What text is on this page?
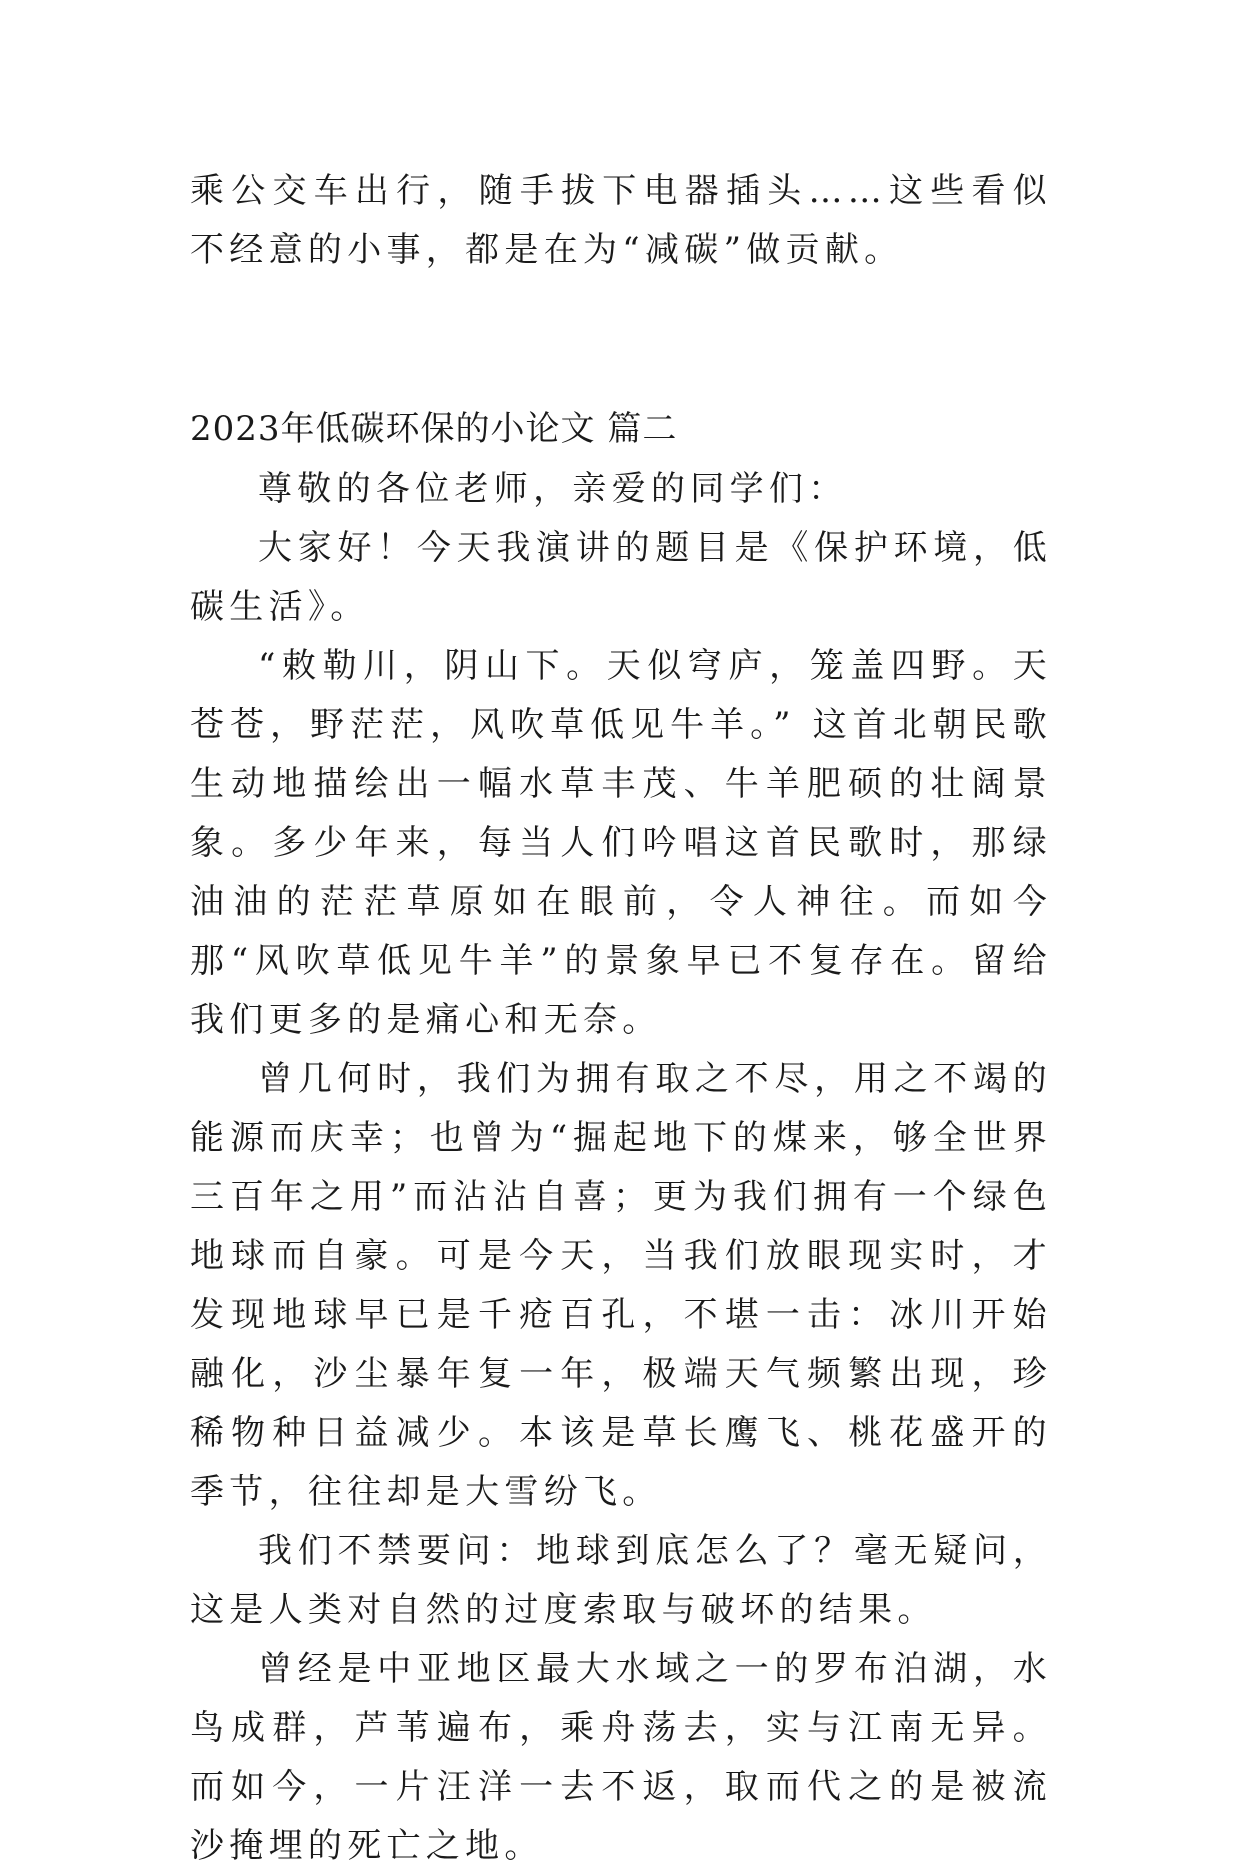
乘公交车出行，随手拔下电器插头……这些看似不经意的小事，都是在为“减碳”做贡献。

2023年低碳环保的小论文 篇二

尊敬的各位老师，亲爱的同学们：

大家好！今天我演讲的题目是《保护环境，低碳生活》。

“敕勒川，阴山下。天似穹庐，笼盖四野。天苍苍，野茫茫，风吹草低见牛羊。” 这首北朝民歌生动地描绘出一幅水草丰茂、牛羊肥硕的壮阔景象。多少年来，每当人们吟唱这首民歌时，那绿油油的茫茫草原如在眼前，令人神往。而如今那“风吹草低见牛羊”的景象早已不复存在。留给我们更多的是痛心和无奈。

曾几何时，我们为拥有取之不尽，用之不竭的能源而庆幸；也曾为“掘起地下的煤来，够全世界三百年之用”而沾沾自喜；更为我们拥有一个绿色地球而自豪。可是今天，当我们放眼现实时，才发现地球早已是千疮百孔，不堪一击：冰川开始融化，沙尘暴年复一年，极端天气频繁出现，珍稀物种日益减少。本该是草长鹰飞、桃花盛开的季节，往往却是大雪纷飞。

我们不禁要问：地球到底怎么了？毫无疑问，这是人类对自然的过度索取与破坏的结果。

曾经是中亚地区最大水域之一的罗布泊湖，水鸟成群，芦苇遍布，乘舟荡去，实与江南无异。而如今，一片汪洋一去不返，取而代之的是被流沙掩埋的死亡之地。
